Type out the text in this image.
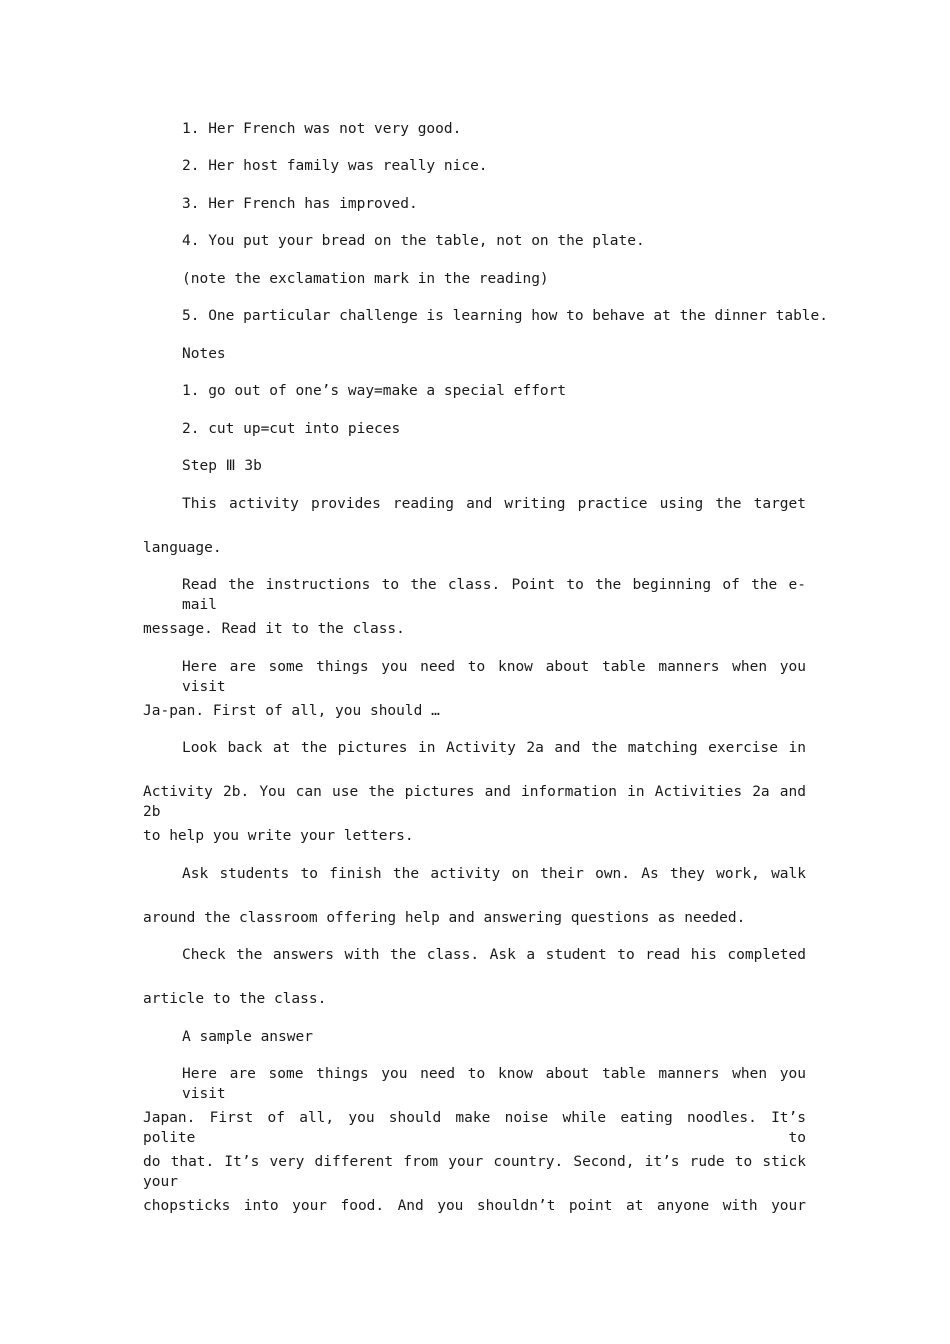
1. Her French was not very good.

2. Her host family was really nice.

3. Her French has improved.

4. You put your bread on the table, not on the plate.

(note the exclamation mark in the reading)

5. One particular challenge is learning how to behave at the dinner table.

Notes

1. go out of one’s way=make a special effort

2. cut up=cut into pieces

Step Ⅲ 3b

This activity provides reading and writing practice using the target

language.

Read the instructions to the class. Point to the beginning of the e-mail

message. Read it to the class.

Here are some things you need to know about table manners when you visit

Ja-pan. First of all, you should …

Look back at the pictures in Activity 2a and the matching exercise in

Activity 2b. You can use the pictures and information in Activities 2a and 2b

to help you write your letters.

Ask students to finish the activity on their own. As they work, walk

around the classroom offering help and answering questions as needed.

Check the answers with the class. Ask a student to read his completed

article to the class.

A sample answer

Here are some things you need to know about table manners when you visit

Japan. First of all, you should make noise while eating noodles. It’s polite to

do that. It’s very different from your country. Second, it’s rude to stick your

chopsticks into your food. And you shouldn’t point at anyone with your
